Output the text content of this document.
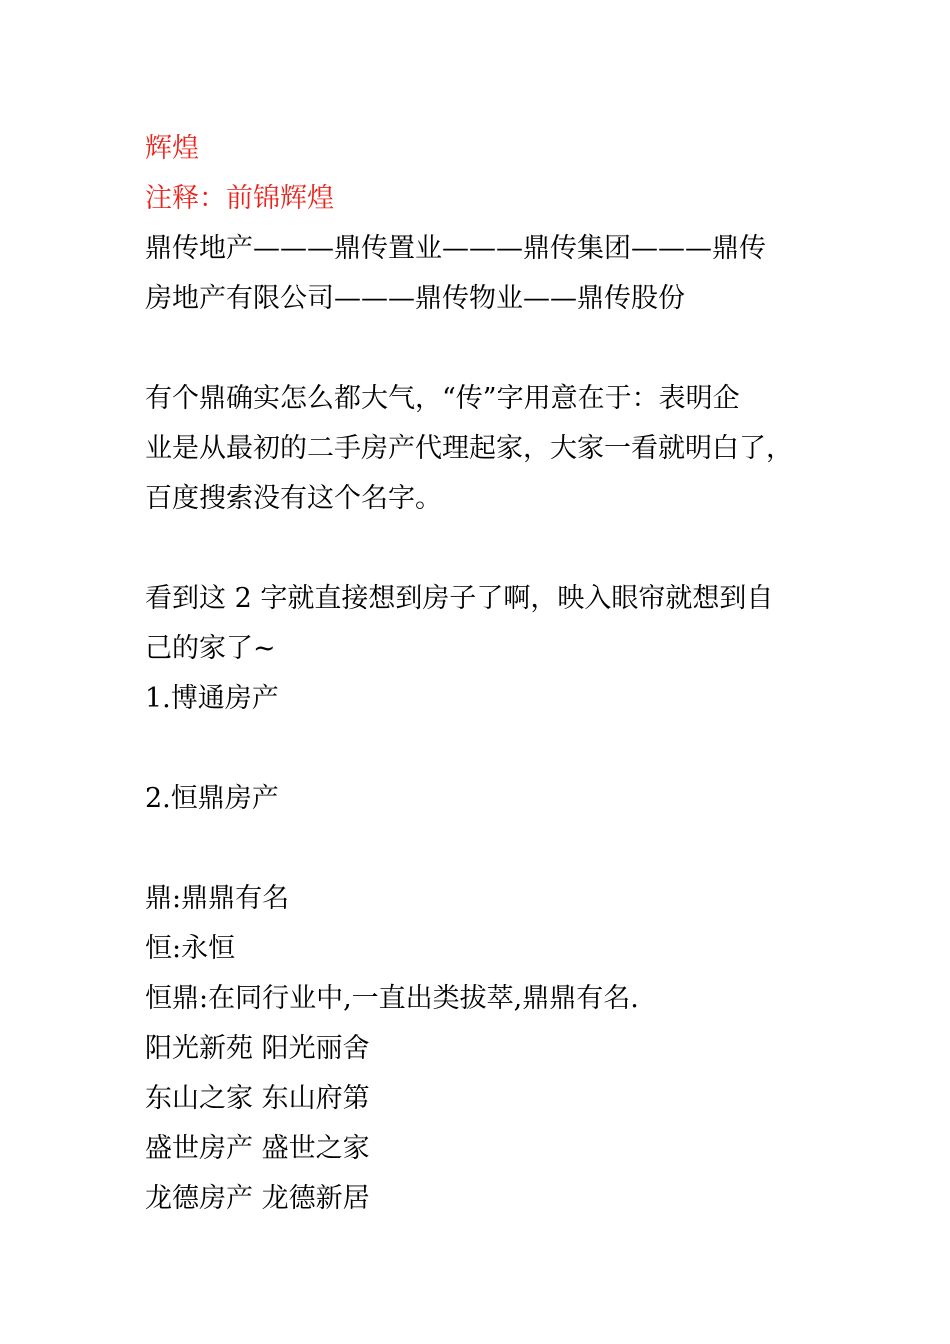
辉煌
注释：前锦辉煌
鼎传地产———鼎传置业———鼎传集团———鼎传
房地产有限公司———鼎传物业——鼎传股份
有个鼎确实怎么都大气，“传”字用意在于：表明企
业是从最初的二手房产代理起家，大家一看就明白了，
百度搜索没有这个名字。
看到这 2 字就直接想到房子了啊，映入眼帘就想到自
己的家了~
1.博通房产
2.恒鼎房产
鼎:鼎鼎有名
恒:永恒
恒鼎:在同行业中,一直出类拔萃,鼎鼎有名.
阳光新苑 阳光丽舍
东山之家 东山府第
盛世房产 盛世之家
龙德房产 龙德新居
